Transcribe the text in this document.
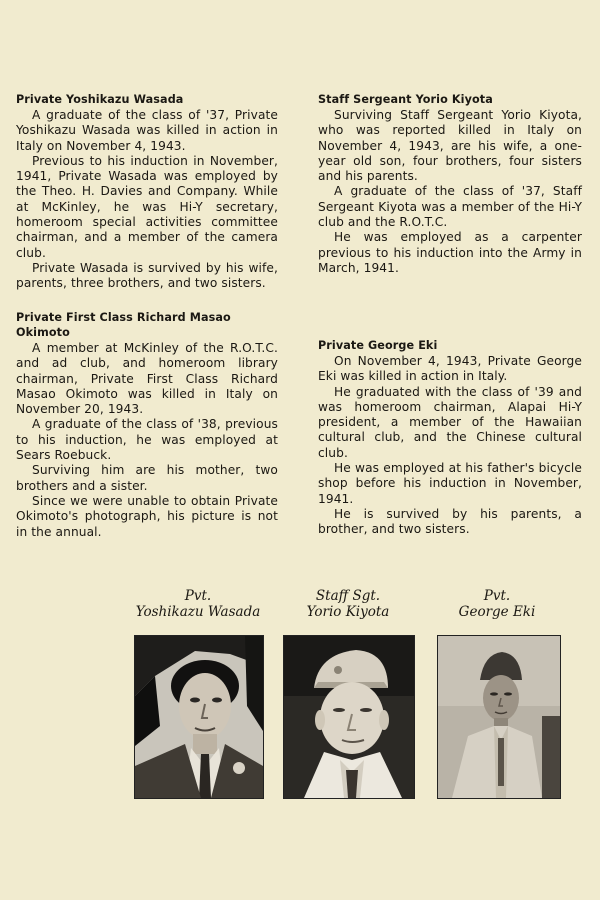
Private Yoshikazu Wasada

A graduate of the class of '37, Private Yoshikazu Wasada was killed in action in Italy on November 4, 1943.

Previous to his induction in November, 1941, Private Wasada was employed by the Theo. H. Davies and Company. While at McKinley, he was Hi-Y secretary, homeroom special activities committee chairman, and a member of the camera club.

Private Wasada is survived by his wife, parents, three brothers, and two sisters.

Staff Sergeant Yorio Kiyota

Surviving Staff Sergeant Yorio Kiyota, who was reported killed in Italy on November 4, 1943, are his wife, a one-year old son, four brothers, four sisters and his parents.

A graduate of the class of '37, Staff Sergeant Kiyota was a member of the Hi-Y club and the R.O.T.C.

He was employed as a carpenter previous to his induction into the Army in March, 1941.

Private First Class Richard Masao Okimoto

A member at McKinley of the R.O.T.C. and ad club, and homeroom library chairman, Private First Class Richard Masao Okimoto was killed in Italy on November 20, 1943.

A graduate of the class of '38, previous to his induction, he was employed at Sears Roebuck.

Surviving him are his mother, two brothers and a sister.

Since we were unable to obtain Private Okimoto's photograph, his picture is not in the annual.

Private George Eki

On November 4, 1943, Private George Eki was killed in action in Italy.

He graduated with the class of '39 and was homeroom chairman, Alapai Hi-Y president, a member of the Hawaiian cultural club, and the Chinese cultural club.

He was employed at his father's bicycle shop before his induction in November, 1941.

He is survived by his parents, a brother, and two sisters.

Pvt.
Yoshikazu Wasada
Staff Sgt.
Yorio Kiyota
Pvt.
George Eki
